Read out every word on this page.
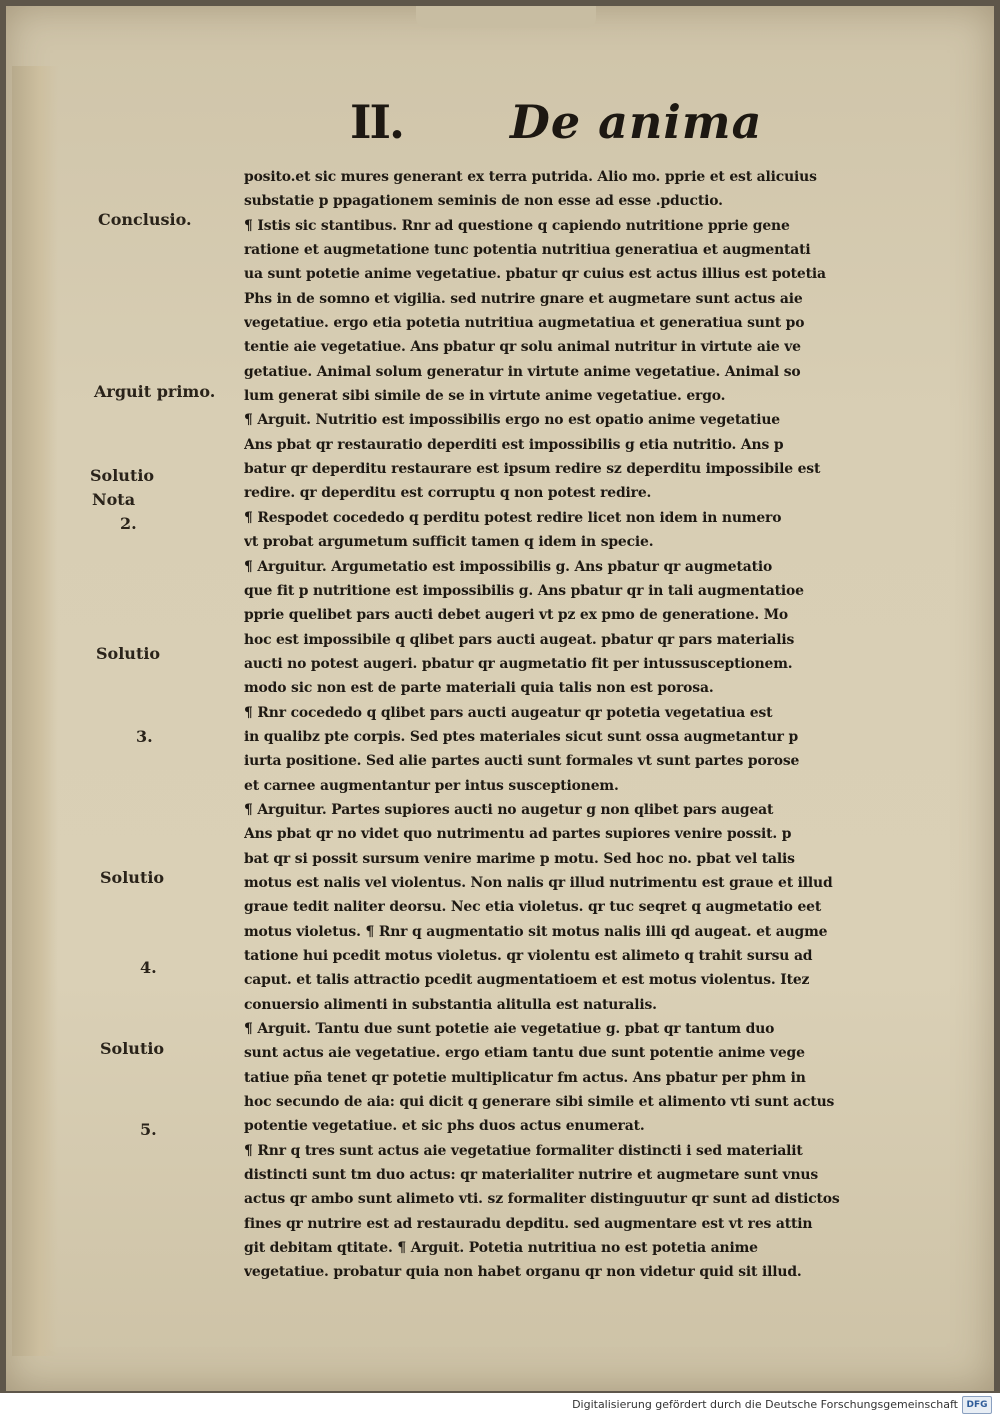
II. De anima
posito.et sic mures generant ex terra putrida. Alio mo. pprie et est alicuius
substatie p ppagationem seminis de non esse ad esse .pductio.
¶ Istis sic stantibus. Rnr ad questione q capiendo nutritione pprie gene
ratione et augmetatione tunc potentia nutritiua generatiua et augmentati
ua sunt potetie anime vegetatiue. pbatur qr cuius est actus illius est potetia
Phs in de somno et vigilia. sed nutrire gnare et augmetare sunt actus aie
vegetatiue. ergo etia potetia nutritiua augmetatiua et generatiua sunt po
tentie aie vegetatiue. Ans pbatur qr solu animal nutritur in virtute aie ve
getatiue. Animal solum generatur in virtute anime vegetatiue. Animal so
lum generat sibi simile de se in virtute anime vegetatiue. ergo.
¶ Arguit. Nutritio est impossibilis ergo no est opatio anime vegetatiue
Ans pbat qr restauratio deperditi est impossibilis g etia nutritio. Ans p
batur qr deperditu restaurare est ipsum redire sz deperditu impossibile est
redire. qr deperditu est corruptu q non potest redire.
¶ Respodet cocededo q perditu potest redire licet non idem in numero
vt probat argumetum sufficit tamen q idem in specie.
¶ Arguitur. Argumetatio est impossibilis g. Ans pbatur qr augmetatio
que fit p nutritione est impossibilis g. Ans pbatur qr in tali augmentatioe
pprie quelibet pars aucti debet augeri vt pz ex pmo de generatione. Mo
hoc est impossibile q qlibet pars aucti augeat. pbatur qr pars materialis
aucti no potest augeri. pbatur qr augmetatio fit per intussusceptionem.
modo sic non est de parte materiali quia talis non est porosa.
¶ Rnr cocededo q qlibet pars aucti augeatur qr potetia vegetatiua est
in qualibz pte corpis. Sed ptes materiales sicut sunt ossa augmetantur p
iurta positione. Sed alie partes aucti sunt formales vt sunt partes porose
et carnee augmentantur per intus susceptionem.
¶ Arguitur. Partes supiores aucti no augetur g non qlibet pars augeat
Ans pbat qr no videt quo nutrimentu ad partes supiores venire possit. p
bat qr si possit sursum venire marime p motu. Sed hoc no. pbat vel talis
motus est nalis vel violentus. Non nalis qr illud nutrimentu est graue et illud
graue tedit naliter deorsu. Nec etia violetus. qr tuc seqret q augmetatio eet
motus violetus. ¶ Rnr q augmentatio sit motus nalis illi qd augeat. et augme
tatione hui pcedit motus violetus. qr violentu est alimeto q trahit sursu ad
caput. et talis attractio pcedit augmentatioem et est motus violentus. Itez
conuersio alimenti in substantia alitulla est naturalis.
¶ Arguit. Tantu due sunt potetie aie vegetatiue g. pbat qr tantum duo
sunt actus aie vegetatiue. ergo etiam tantu due sunt potentie anime vege
tatiue pña tenet qr potetie multiplicatur fm actus. Ans pbatur per phm in
hoc secundo de aia: qui dicit q generare sibi simile et alimento vti sunt actus
potentie vegetatiue. et sic phs duos actus enumerat.
¶ Rnr q tres sunt actus aie vegetatiue formaliter distincti i sed materialit
distincti sunt tm duo actus: qr materialiter nutrire et augmetare sunt vnus
actus qr ambo sunt alimeto vti. sz formaliter distinguutur qr sunt ad distictos
fines qr nutrire est ad restauradu depditu. sed augmentare est vt res attin
git debitam qtitate. ¶ Arguit. Potetia nutritiua no est potetia anime
vegetatiue. probatur quia non habet organu qr non videtur quid sit illud.
Conclusio.
Arguit primo.
Solutio
Nota
2.
Solutio
3.
Solutio
4.
Solutio
5.
Digitalisierung gefördert durch die Deutsche Forschungsgemeinschaft DFG
